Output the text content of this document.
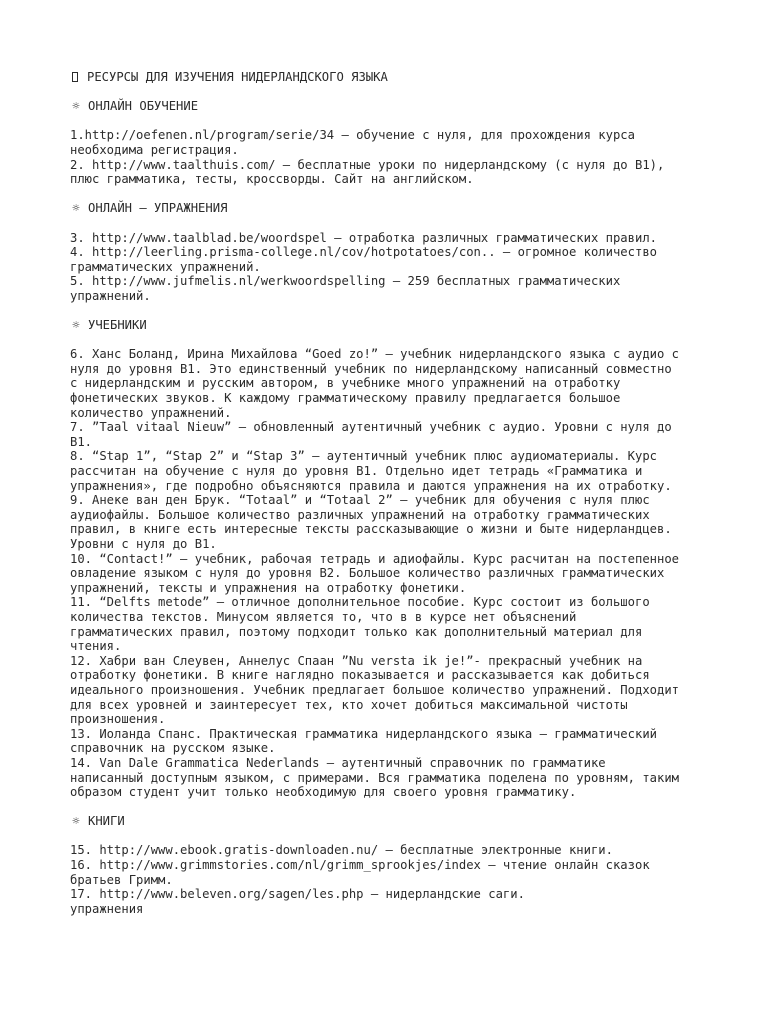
РЕСУРСЫ ДЛЯ ИЗУЧЕНИЯ НИДЕРЛАНДСКОГО ЯЗЫКА
☼ ОНЛАЙН ОБУЧЕНИЕ
1.http://oefenen.nl/program/serie/34 — обучение с нуля, для прохождения курса
необходима регистрация.
2. http://www.taalthuis.com/ — бесплатные уроки по нидерландскому (с нуля до B1),
плюс грамматика, тесты, кроссворды. Сайт на английском.
☼ ОНЛАЙН — УПРАЖНЕНИЯ
3. http://www.taalblad.be/woordspel — отработка различных грамматических правил.
4. http://leerling.prisma-college.nl/cov/hotpotatoes/con.. — огромное количество
грамматических упражнений.
5. http://www.jufmelis.nl/werkwoordspelling — 259 бесплатных грамматических
упражнений.
☼ УЧЕБНИКИ
6. Ханс Боланд, Ирина Михайлова “Goed zo!” — учебник нидерландского языка с аудио с
нуля до уровня B1. Это единственный учебник по нидерландскому написанный совместно
с нидерландским и русским автором, в учебнике много упражнений на отработку
фонетических звуков. К каждому грамматическому правилу предлагается большое
количество упражнений.
7. ”Taal vitaal Nieuw” — обновленный аутентичный учебник с аудио. Уровни с нуля до
B1.
8. “Stap 1”, “Stap 2” и “Stap 3” — аутентичный учебник плюс аудиоматериалы. Курс
рассчитан на обучение с нуля до уровня B1. Отдельно идет тетрадь «Грамматика и
упражнения», где подробно объясняются правила и даются упражнения на их отработку.
9. Анеке ван ден Брук. “Totaal” и “Totaal 2” — учебник для обучения с нуля плюс
аудиофайлы. Большое количество различных упражнений на отработку грамматических
правил, в книге есть интересные тексты рассказывающие о жизни и быте нидерландцев.
Уровни с нуля до B1.
10. “Contact!” — учебник, рабочая тетрадь и адиофайлы. Курс расчитан на постепенное
овладение языком с нуля до уровня B2. Большое количество различных грамматических
упражнений, тексты и упражнения на отработку фонетики.
11. “Delfts metode” — отличное дополнительное пособие. Курс состоит из большого
количества текстов. Минусом является то, что в в курсе нет объяснений
грамматических правил, поэтому подходит только как дополнительный материал для
чтения.
12. Хабри ван Слеувен, Аннелус Спаан ”Nu versta ik je!”- прекрасный учебник на
отработку фонетики. В книге наглядно показывается и рассказывается как добиться
идеального произношения. Учебник предлагает большое количество упражнений. Подходит
для всех уровней и заинтересует тех, кто хочет добиться максимальной чистоты
произношения.
13. Иоланда Спанс. Практическая грамматика нидерландского языка — грамматический
справочник на русском языке.
14. Van Dale Grammatica Nederlands – аутентичный справочник по грамматике
написанный доступным языком, с примерами. Вся грамматика поделена по уровням, таким
образом студент учит только необходимую для своего уровня грамматику.
☼ КНИГИ
15. http://www.ebook.gratis-downloaden.nu/ — бесплатные электронные книги.
16. http://www.grimmstories.com/nl/grimm_sprookjes/index — чтение онлайн сказок
братьев Гримм.
17. http://www.beleven.org/sagen/les.php — нидерландские саги.
упражнения
